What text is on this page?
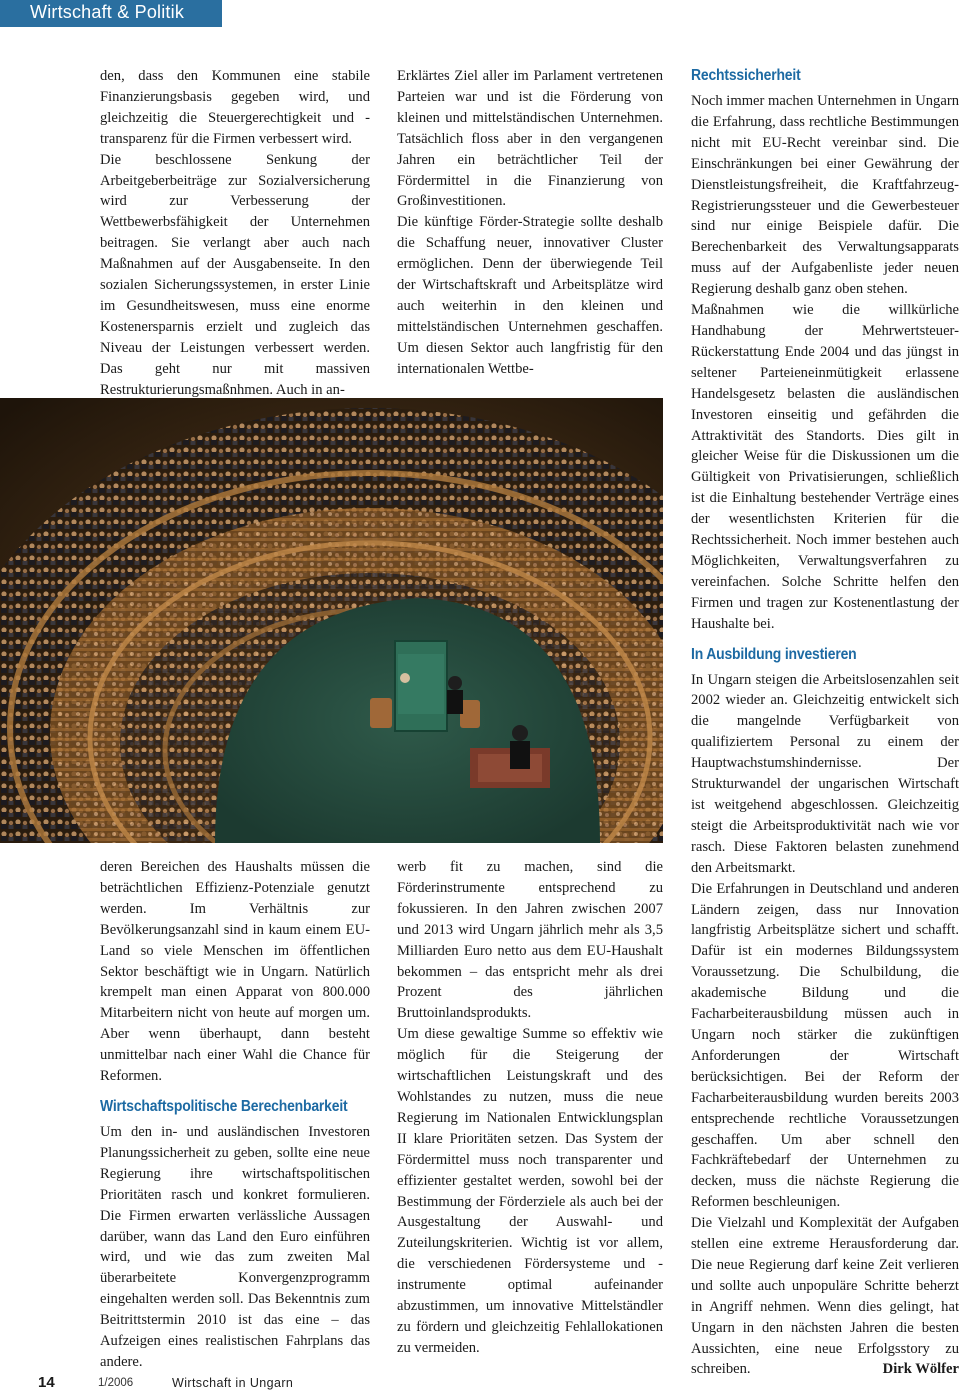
Wirtschaft & Politik

den, dass den Kommunen eine stabile Finanzierungsbasis gegeben wird, und gleichzeitig die Steuergerechtigkeit und -transparenz für die Firmen verbessert wird.

Die beschlossene Senkung der Arbeitgeberbeiträge zur Sozialversicherung wird zur Verbesserung der Wettbewerbsfähigkeit der Unternehmen beitragen. Sie verlangt aber auch nach Maßnahmen auf der Ausgabenseite. In den sozialen Sicherungssystemen, in erster Linie im Gesundheitswesen, muss eine enorme Kostenersparnis erzielt und zugleich das Niveau der Leistungen verbessert werden. Das geht nur mit massiven Restrukturierungsmaßnhmen. Auch in an-

Erklärtes Ziel aller im Parlament vertretenen Parteien war und ist die Förderung von kleinen und mittelständischen Unternehmen. Tatsächlich floss aber in den vergangenen Jahren ein beträchtlicher Teil der Fördermittel in die Finanzierung von Großinvestitionen.

Die künftige Förder-Strategie sollte deshalb die Schaffung neuer, innovativer Cluster ermöglichen. Denn der überwiegende Teil der Wirtschaftskraft und Arbeitsplätze wird auch weiterhin in den kleinen und mittelständischen Unternehmen geschaffen. Um diesen Sektor auch langfristig für den internationalen Wettbe-

deren Bereichen des Haushalts müssen die beträchtlichen Effizienz-Potenziale genutzt werden. Im Verhältnis zur Bevölkerungsanzahl sind in kaum einem EU-Land so viele Menschen im öffentlichen Sektor beschäftigt wie in Ungarn. Natürlich krempelt man einen Apparat von 800.000 Mitarbeitern nicht von heute auf morgen um. Aber wenn überhaupt, dann besteht unmittelbar nach einer Wahl die Chance für Reformen.

Wirtschaftspolitische Berechenbarkeit

Um den in- und ausländischen Investoren Planungssicherheit zu geben, sollte eine neue Regierung ihre wirtschaftspolitischen Prioritäten rasch und konkret formulieren. Die Firmen erwarten verlässliche Aussagen darüber, wann das Land den Euro einführen wird, und wie das zum zweiten Mal überarbeitete Konvergenzprogramm eingehalten werden soll. Das Bekenntnis zum Beitrittstermin 2010 ist das eine – das Aufzeigen eines realistischen Fahrplans das andere.

werb fit zu machen, sind die Förderinstrumente entsprechend zu fokussieren. In den Jahren zwischen 2007 und 2013 wird Ungarn jährlich mehr als 3,5 Milliarden Euro netto aus dem EU-Haushalt bekommen – das entspricht mehr als drei Prozent des jährlichen Bruttoinlandsprodukts.

Um diese gewaltige Summe so effektiv wie möglich für die Steigerung der wirtschaftlichen Leistungskraft und des Wohlstandes zu nutzen, muss die neue Regierung im Nationalen Entwicklungsplan II klare Prioritäten setzen. Das System der Fördermittel muss noch transparenter und effizienter gestaltet werden, sowohl bei der Bestimmung der Förderziele als auch bei der Ausgestaltung der Auswahl- und Zuteilungskriterien. Wichtig ist vor allem, die verschiedenen Fördersysteme und -instrumente optimal aufeinander abzustimmen, um innovative Mittelständler zu fördern und gleichzeitig Fehlallokationen zu vermeiden.

Rechtssicherheit

Noch immer machen Unternehmen in Ungarn die Erfahrung, dass rechtliche Bestimmungen nicht mit EU-Recht vereinbar sind. Die Einschränkungen bei einer Gewährung der Dienstleistungsfreiheit, die Kraftfahrzeug-Registrierungssteuer und die Gewerbesteuer sind nur einige Beispiele dafür. Die Berechenbarkeit des Verwaltungsapparats muss auf der Aufgabenliste jeder neuen Regierung deshalb ganz oben stehen.

Maßnahmen wie die willkürliche Handhabung der Mehrwertsteuer-Rückerstattung Ende 2004 und das jüngst in seltener Parteieneinmütigkeit erlassene Handelsgesetz belasten die ausländischen Investoren einseitig und gefährden die Attraktivität des Standorts. Dies gilt in gleicher Weise für die Diskussionen um die Gültigkeit von Privatisierungen, schließlich ist die Einhaltung bestehender Verträge eines der wesentlichsten Kriterien für die Rechtssicherheit. Noch immer bestehen auch Möglichkeiten, Verwaltungsverfahren zu vereinfachen. Solche Schritte helfen den Firmen und tragen zur Kostenentlastung der Haushalte bei.

In Ausbildung investieren

In Ungarn steigen die Arbeitslosenzahlen seit 2002 wieder an. Gleichzeitig entwickelt sich die mangelnde Verfügbarkeit von qualifiziertem Personal zu einem der Hauptwachstumshindernisse. Der Strukturwandel der ungarischen Wirtschaft ist weitgehend abgeschlossen. Gleichzeitig steigt die Arbeitsproduktivität nach wie vor rasch. Diese Faktoren belasten zunehmend den Arbeitsmarkt.

Die Erfahrungen in Deutschland und anderen Ländern zeigen, dass nur Innovation langfristig Arbeitsplätze sichert und schafft. Dafür ist ein modernes Bildungssystem Voraussetzung. Die Schulbildung, die akademische Bildung und die Facharbeiterausbildung müssen auch in Ungarn noch stärker die zukünftigen Anforderungen der Wirtschaft berücksichtigen. Bei der Reform der Facharbeiterausbildung wurden bereits 2003 entsprechende rechtliche Voraussetzungen geschaffen. Um aber schnell den Fachkräftebedarf der Unternehmen zu decken, muss die nächste Regierung die Reformen beschleunigen.

Die Vielzahl und Komplexität der Aufgaben stellen eine extreme Herausforderung dar. Die neue Regierung darf keine Zeit verlieren und sollte auch unpopuläre Schritte beherzt in Angriff nehmen. Wenn dies gelingt, hat Ungarn in den nächsten Jahren die besten Aussichten, eine neue Erfolgsstory zu schreiben.	Dirk Wölfer

14	1/2006	Wirtschaft in Ungarn
